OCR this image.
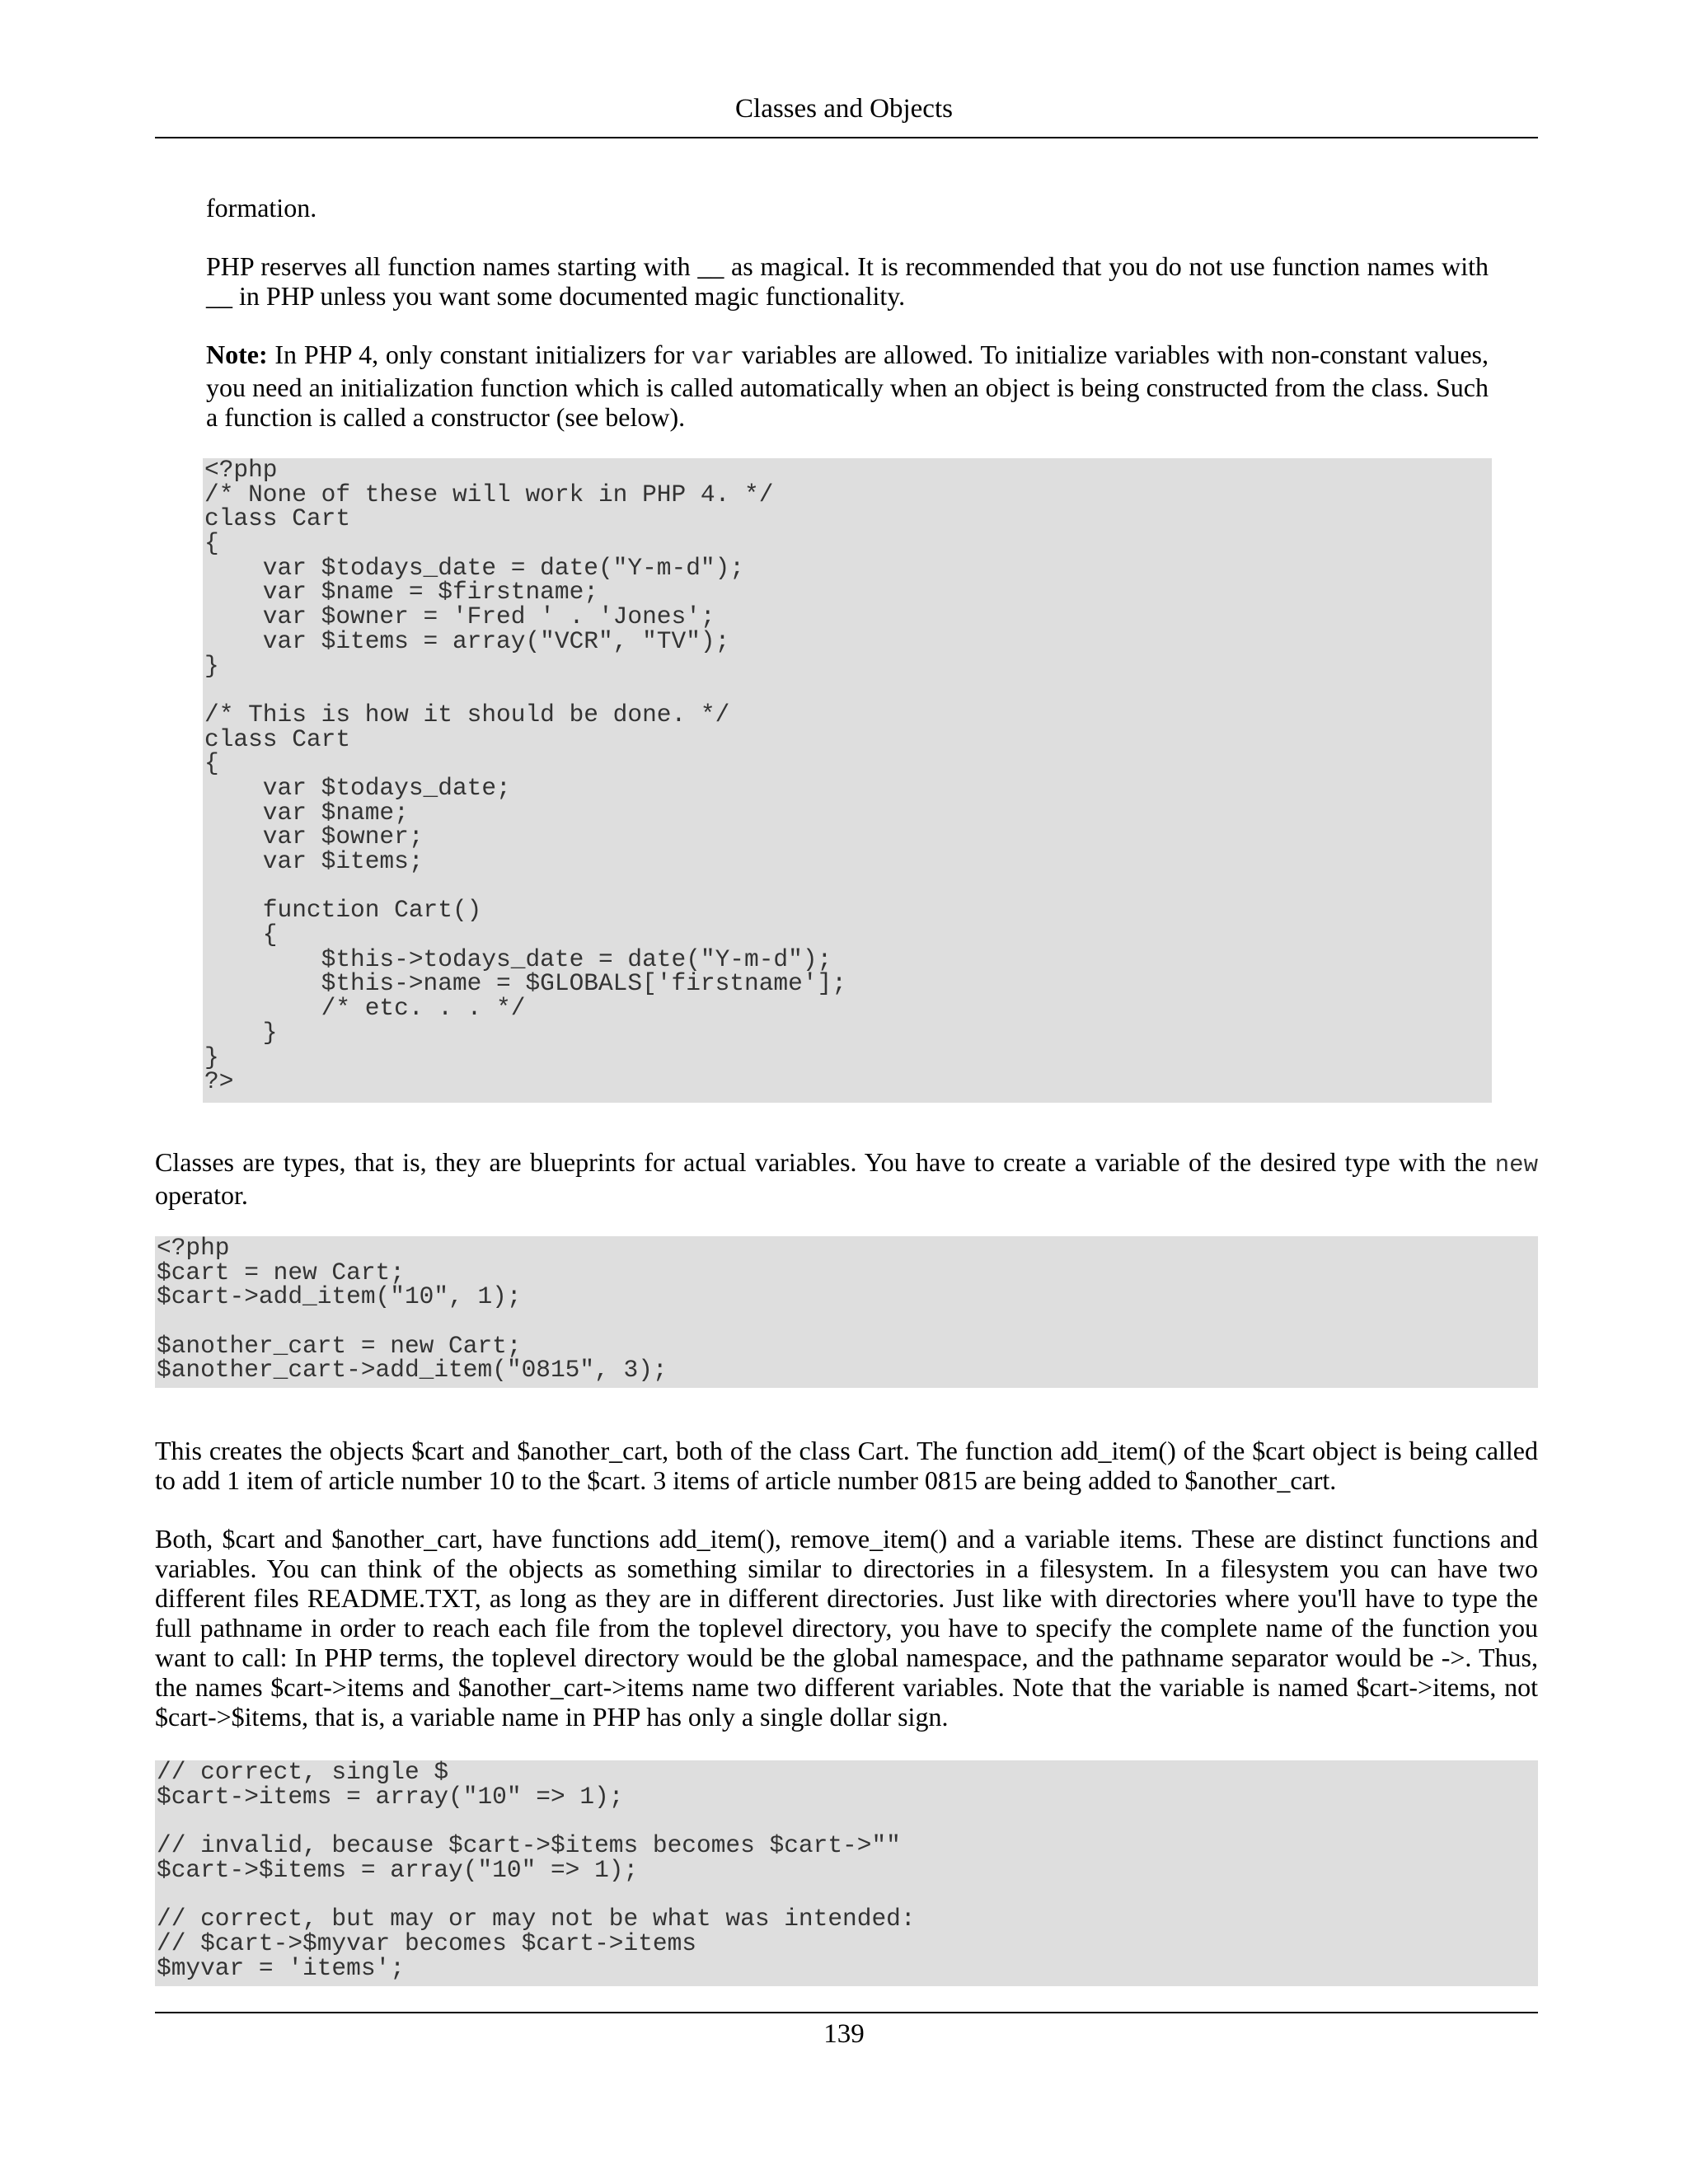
Classes and Objects

formation.

PHP reserves all function names starting with __ as magical. It is recommended that you do not use function names with __ in PHP unless you want some documented magic functionality.

Note: In PHP 4, only constant initializers for var variables are allowed. To initialize variables with non-constant values, you need an initialization function which is called automatically when an object is being constructed from the class. Such a function is called a constructor (see below).

<?php
/* None of these will work in PHP 4. */
class Cart
{
var $todays_date = date("Y-m-d");
var $name = $firstname;
var $owner = 'Fred ' . 'Jones';
var $items = array("VCR", "TV");
}
/* This is how it should be done. */
class Cart
{
var $todays_date;
var $name;
var $owner;
var $items;
function Cart()
{
$this->todays_date = date("Y-m-d");
$this->name = $GLOBALS['firstname'];
/* etc. . . */
}
}
?>

Classes are types, that is, they are blueprints for actual variables. You have to create a variable of the desired type with the new operator.

<?php
$cart = new Cart;
$cart->add_item("10", 1);
$another_cart = new Cart;
$another_cart->add_item("0815", 3);

This creates the objects $cart and $another_cart, both of the class Cart. The function add_item() of the $cart object is being called to add 1 item of article number 10 to the $cart. 3 items of article number 0815 are being added to $another_cart.

Both, $cart and $another_cart, have functions add_item(), remove_item() and a variable items. These are distinct functions and variables. You can think of the objects as something similar to directories in a filesystem. In a filesystem you can have two different files README.TXT, as long as they are in different directories. Just like with directories where you'll have to type the full pathname in order to reach each file from the toplevel directory, you have to specify the complete name of the function you want to call: In PHP terms, the toplevel directory would be the global namespace, and the pathname separator would be ->. Thus, the names $cart->items and $another_cart->items name two different variables. Note that the variable is named $cart->items, not $cart->$items, that is, a variable name in PHP has only a single dollar sign.

// correct, single $
$cart->items = array("10" => 1);
// invalid, because $cart->$items becomes $cart->""
$cart->$items = array("10" => 1);
// correct, but may or may not be what was intended:
// $cart->$myvar becomes $cart->items
$myvar = 'items';
139
